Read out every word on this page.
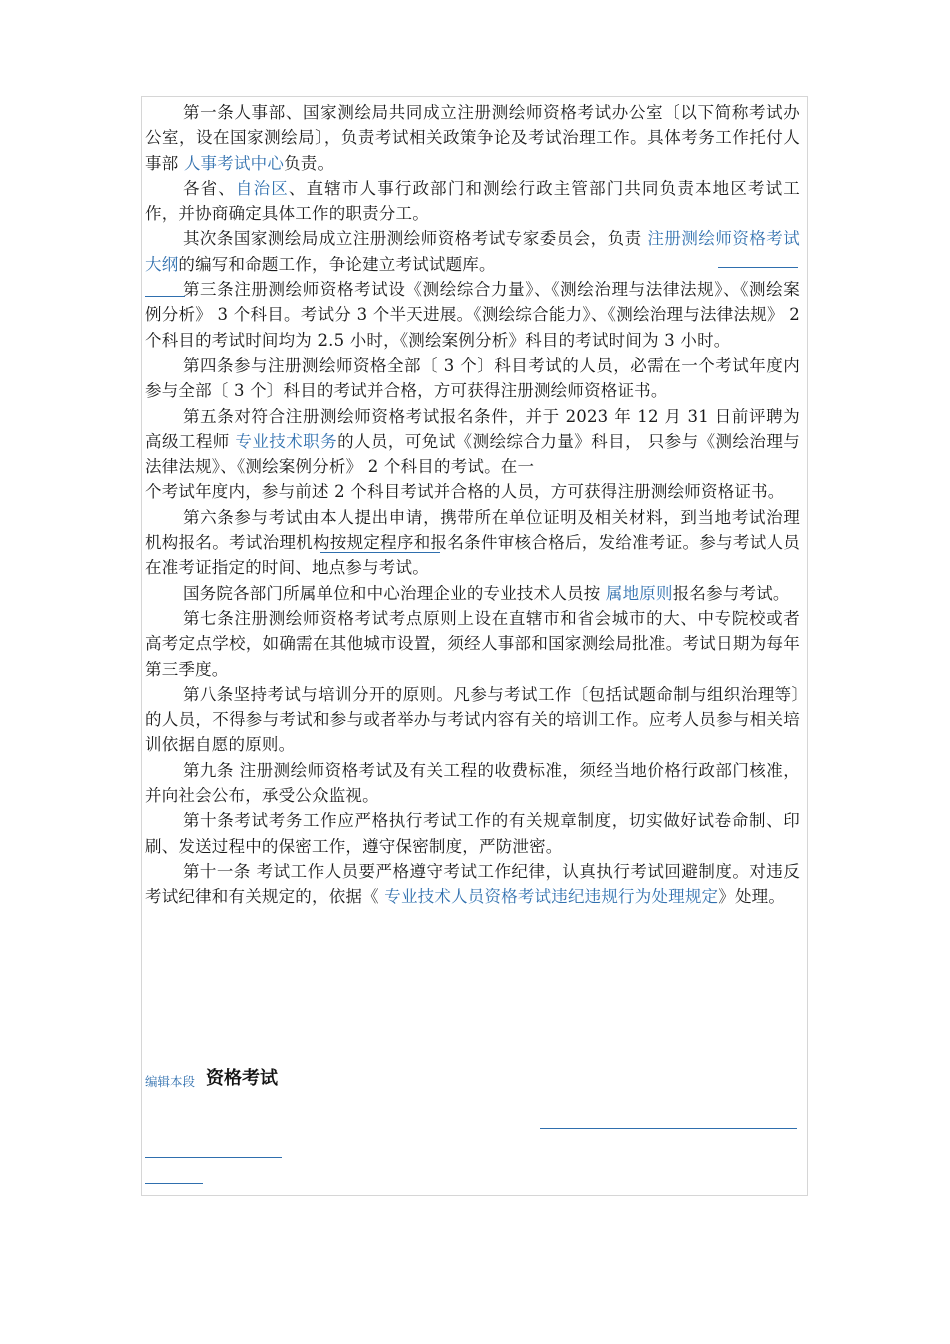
第一条人事部、国家测绘局共同成立注册测绘师资格考试办公室〔以下简称考试办公室，设在国家测绘局〕，负责考试相关政策争论及考试治理工作。具体考务工作托付人事部 人事考试中心负责。

各省、自治区、直辖市人事行政部门和测绘行政主管部门共同负责本地区考试工作，并协商确定具体工作的职责分工。

其次条国家测绘局成立注册测绘师资格考试专家委员会，负责 注册测绘师资格考试大纲的编写和命题工作，争论建立考试试题库。

第三条注册测绘师资格考试设《测绘综合力量》、《测绘治理与法律法规》、《测绘案例分析》 3 个科目。考试分 3 个半天进展。《测绘综合能力》、《测绘治理与法律法规》 2 个科目的考试时间均为 2.5 小时，《测绘案例分析》科目的考试时间为 3 小时。

第四条参与注册测绘师资格全部〔 3 个〕科目考试的人员，必需在一个考试年度内参与全部〔 3 个〕科目的考试并合格，方可获得注册测绘师资格证书。

第五条对符合注册测绘师资格考试报名条件，并于 2023 年 12 月 31 日前评聘为高级工程师 专业技术职务的人员，可免试《测绘综合力量》科目， 只参与《测绘治理与法律法规》、《测绘案例分析》 2 个科目的考试。在一

个考试年度内，参与前述 2 个科目考试并合格的人员，方可获得注册测绘师资格证书。

第六条参与考试由本人提出申请，携带所在单位证明及相关材料，到当地考试治理机构报名。考试治理机构按规定程序和报名条件审核合格后，发给准考证。参与考试人员在准考证指定的时间、地点参与考试。

国务院各部门所属单位和中心治理企业的专业技术人员按 属地原则报名参与考试。

第七条注册测绘师资格考试考点原则上设在直辖市和省会城市的大、中专院校或者高考定点学校，如确需在其他城市设置，须经人事部和国家测绘局批准。考试日期为每年第三季度。

第八条坚持考试与培训分开的原则。凡参与考试工作〔包括试题命制与组织治理等〕的人员，不得参与考试和参与或者举办与考试内容有关的培训工作。应考人员参与相关培训依据自愿的原则。

第九条 注册测绘师资格考试及有关工程的收费标准，须经当地价格行政部门核准，并向社会公布，承受公众监视。

第十条考试考务工作应严格执行考试工作的有关规章制度，切实做好试卷命制、印刷、发送过程中的保密工作，遵守保密制度，严防泄密。

第十一条 考试工作人员要严格遵守考试工作纪律，认真执行考试回避制度。对违反考试纪律和有关规定的，依据《 专业技术人员资格考试违纪违规行为处理规定》处理。

编辑本段 资格考试
